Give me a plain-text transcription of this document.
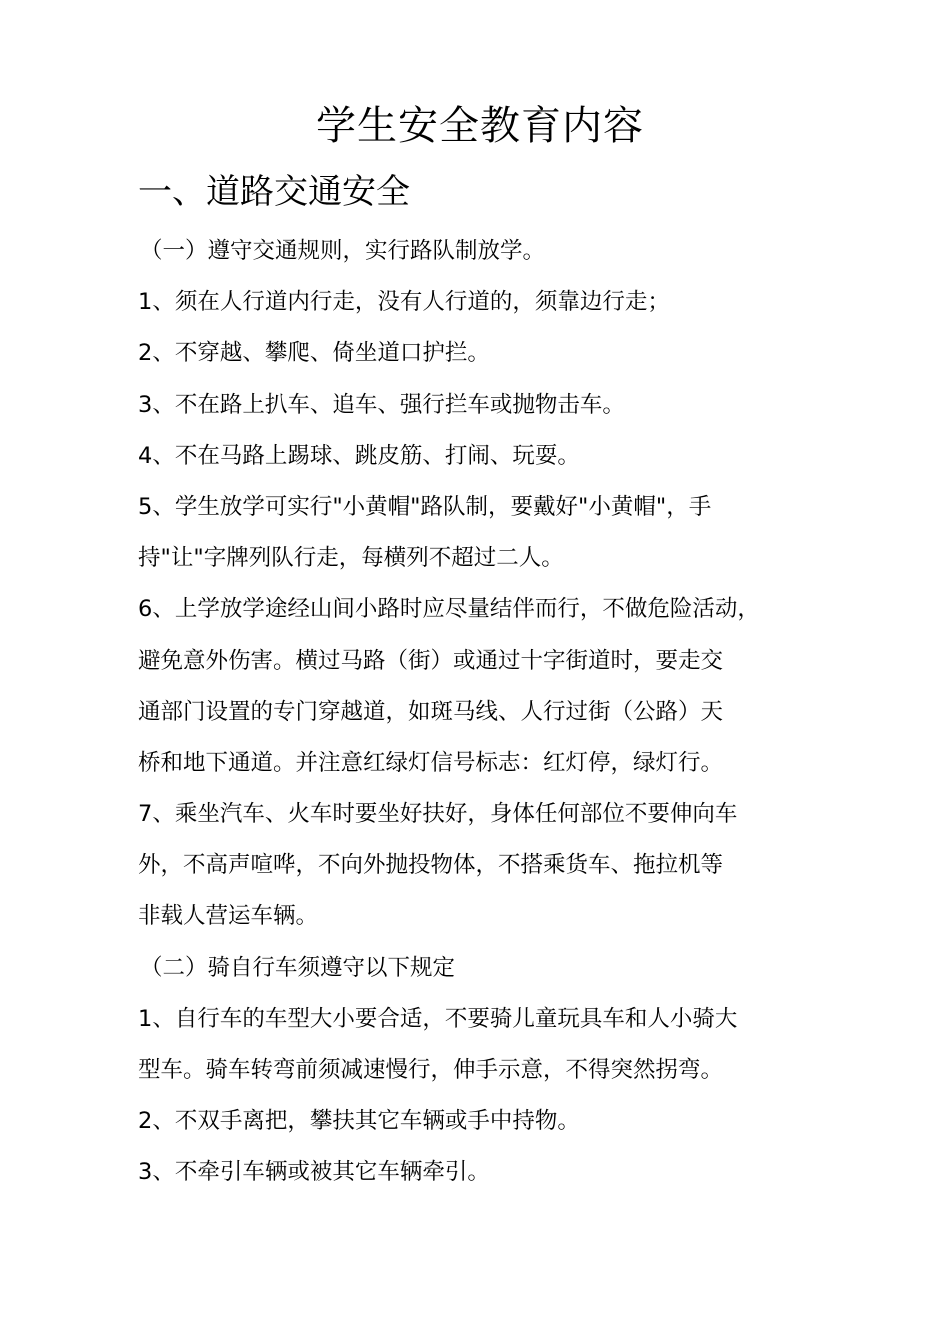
学生安全教育内容
一、道路交通安全

（一）遵守交通规则，实行路队制放学。

1、须在人行道内行走，没有人行道的，须靠边行走；

2、不穿越、攀爬、倚坐道口护拦。

3、不在路上扒车、追车、强行拦车或抛物击车。

4、不在马路上踢球、跳皮筋、打闹、玩耍。

5、学生放学可实行"小黄帽"路队制，要戴好"小黄帽"，手

持"让"字牌列队行走，每横列不超过二人。

6、上学放学途经山间小路时应尽量结伴而行，不做危险活动，

避免意外伤害。横过马路（街）或通过十字街道时，要走交

通部门设置的专门穿越道，如斑马线、人行过街（公路）天

桥和地下通道。并注意红绿灯信号标志：红灯停，绿灯行。

7、乘坐汽车、火车时要坐好扶好，身体任何部位不要伸向车

外，不高声喧哗，不向外抛投物体，不搭乘货车、拖拉机等

非载人营运车辆。

（二）骑自行车须遵守以下规定

1、自行车的车型大小要合适，不要骑儿童玩具车和人小骑大

型车。骑车转弯前须减速慢行，伸手示意，不得突然拐弯。

2、不双手离把，攀扶其它车辆或手中持物。

3、不牵引车辆或被其它车辆牵引。
